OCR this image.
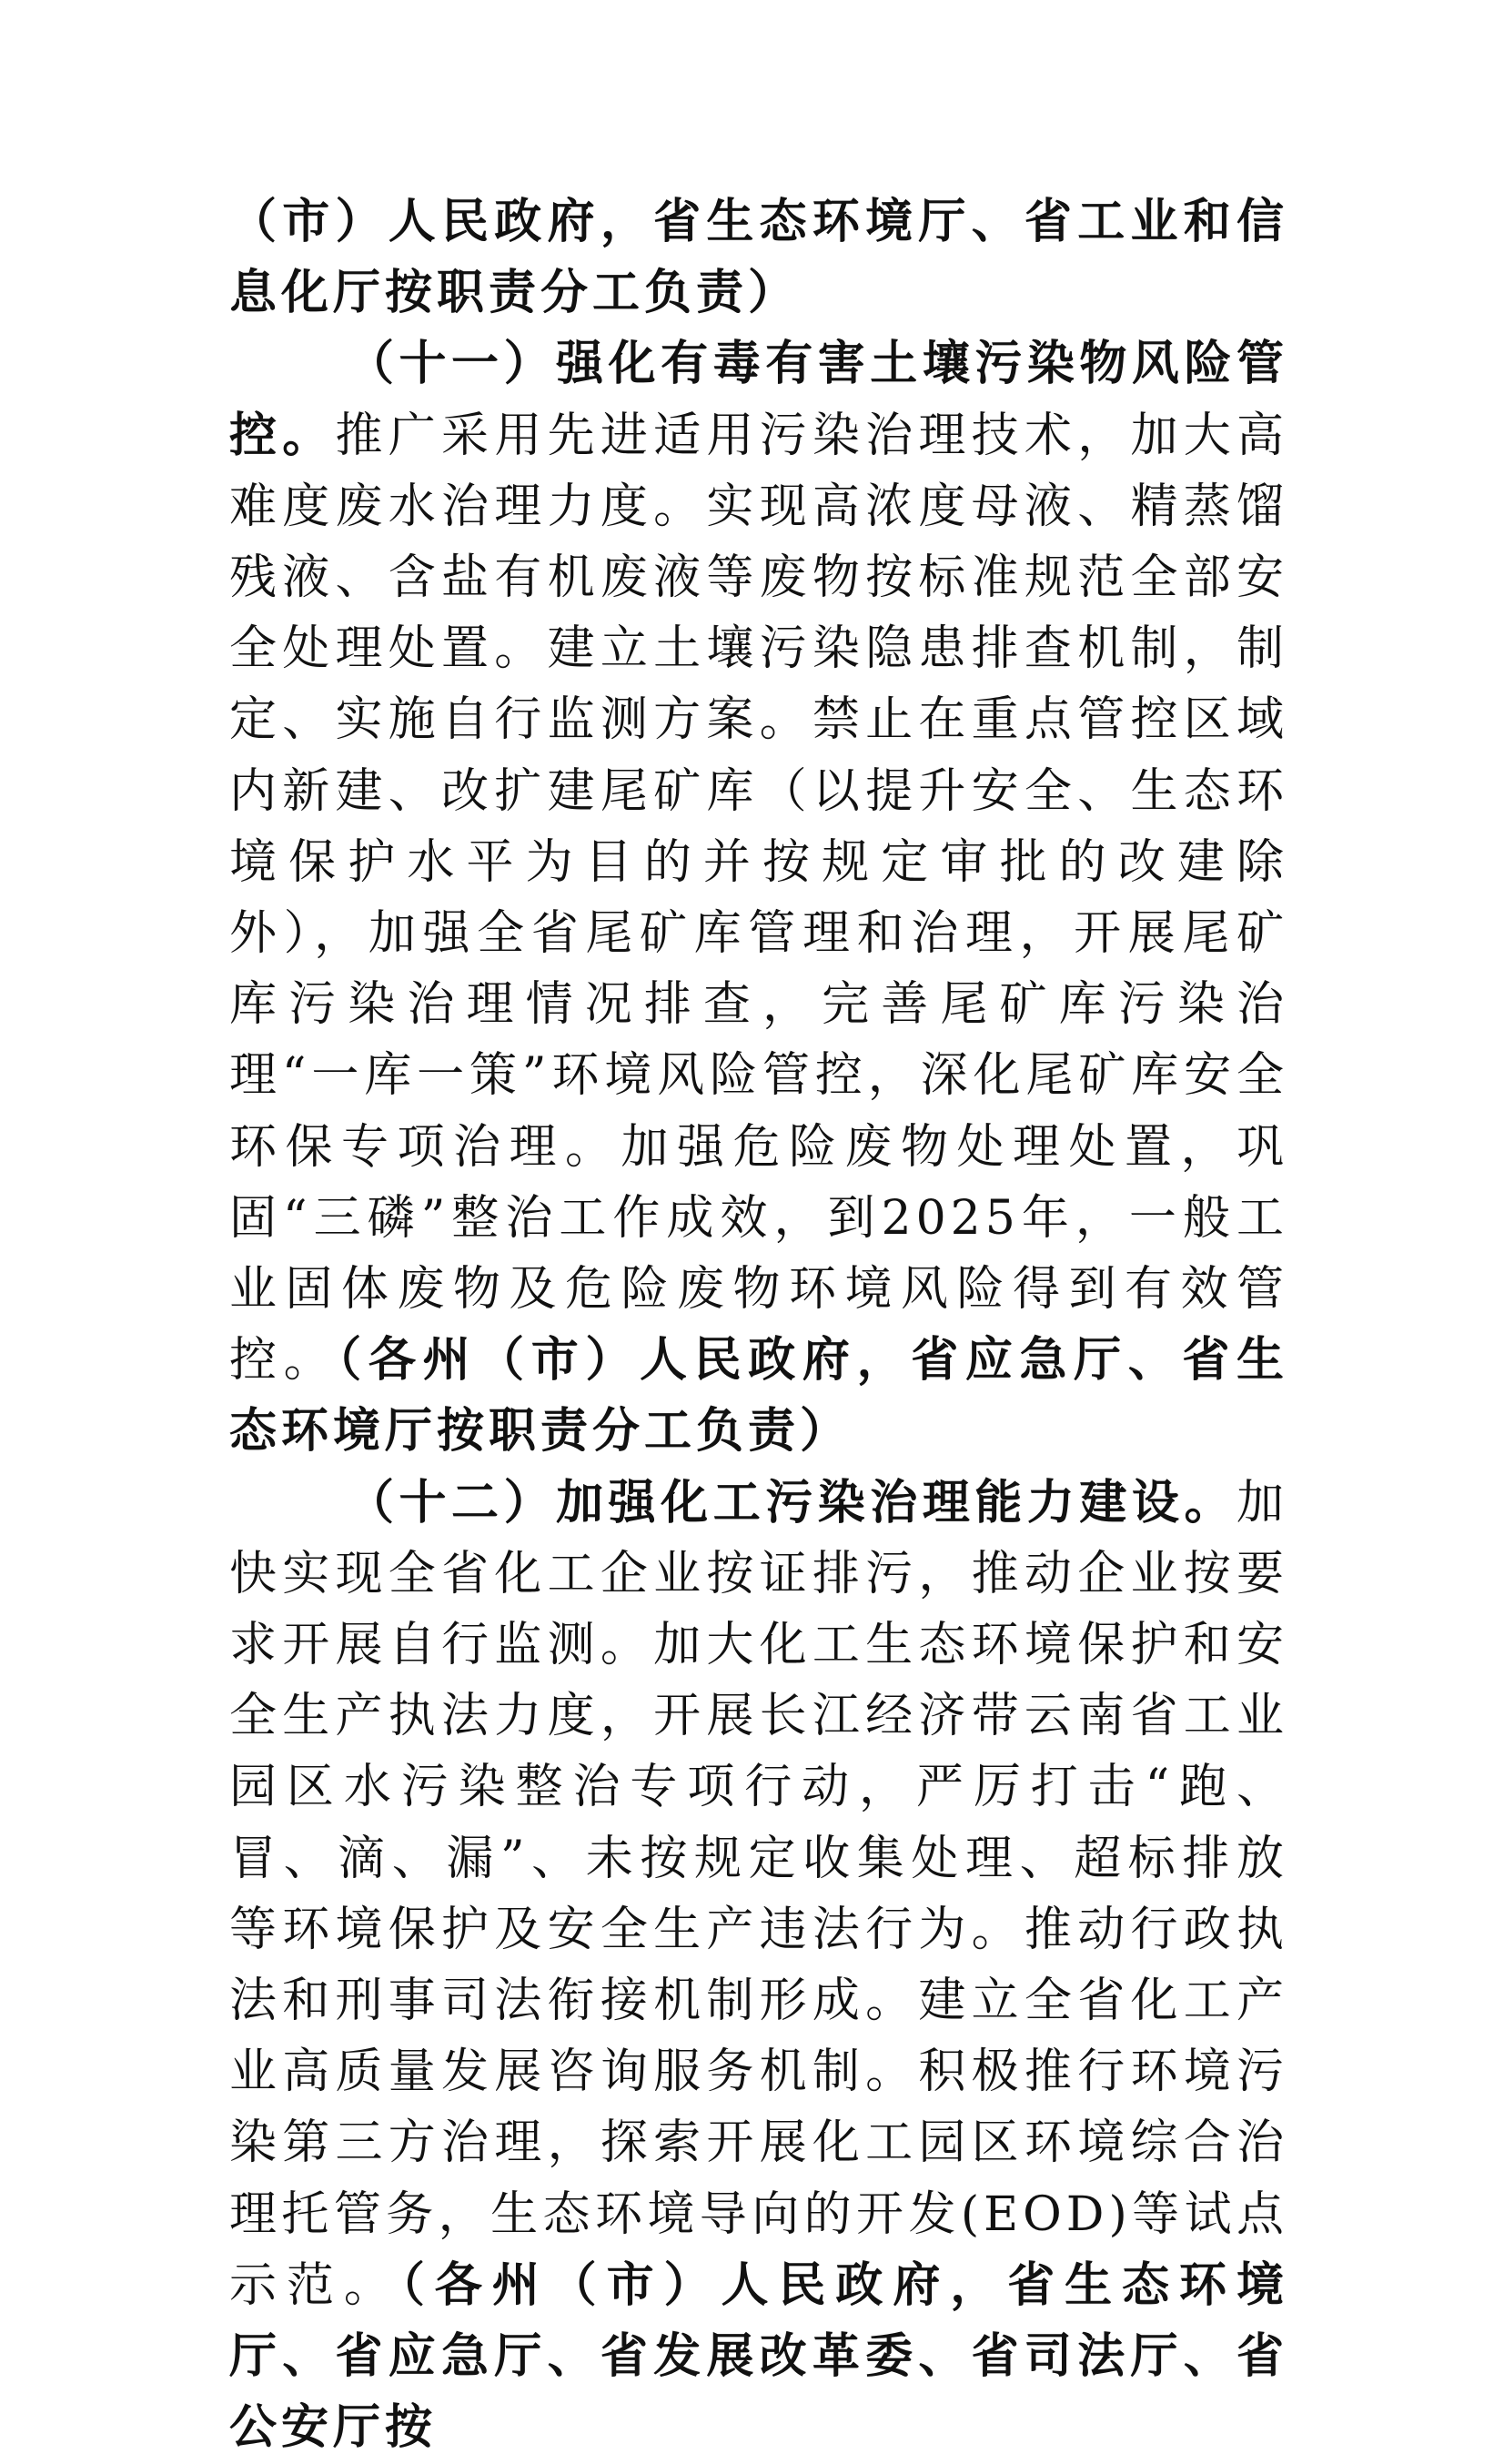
（市）人民政府，省生态环境厅、省工业和信息化厅按职责分工负责）

（十一）强化有毒有害土壤污染物风险管控。推广采用先进适用污染治理技术，加大高难度废水治理力度。实现高浓度母液、精蒸馏残液、含盐有机废液等废物按标准规范全部安全处理处置。建立土壤污染隐患排查机制，制定、实施自行监测方案。禁止在重点管控区域内新建、改扩建尾矿库（以提升安全、生态环境保护水平为目的并按规定审批的改建除外），加强全省尾矿库管理和治理，开展尾矿库污染治理情况排查，完善尾矿库污染治理“一库一策”环境风险管控，深化尾矿库安全环保专项治理。加强危险废物处理处置，巩固“三磷”整治工作成效，到2025年，一般工业固体废物及危险废物环境风险得到有效管控。（各州（市）人民政府，省应急厅、省生态环境厅按职责分工负责）

（十二）加强化工污染治理能力建设。加快实现全省化工企业按证排污，推动企业按要求开展自行监测。加大化工生态环境保护和安全生产执法力度，开展长江经济带云南省工业园区水污染整治专项行动，严厉打击“跑、冒、滴、漏”、未按规定收集处理、超标排放等环境保护及安全生产违法行为。推动行政执法和刑事司法衔接机制形成。建立全省化工产业高质量发展咨询服务机制。积极推行环境污染第三方治理，探索开展化工园区环境综合治理托管务，生态环境导向的开发(EOD)等试点示范。（各州（市）人民政府，省生态环境厅、省应急厅、省发展改革委、省司法厅、省公安厅按
